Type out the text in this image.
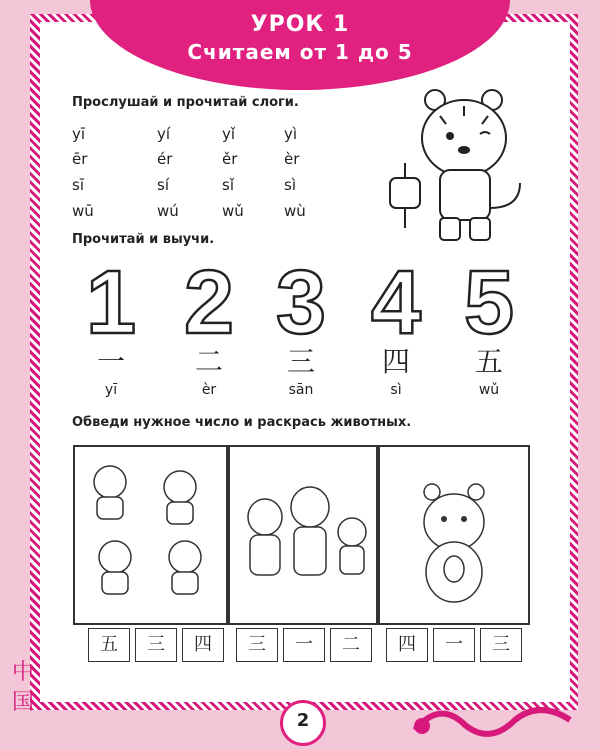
УРОК 1
Считаем от 1 до 5
Прослушай и прочитай слоги.
yī	yí	yǐ	yì
ēr	ér	ěr	èr
sī	sí	sǐ	sì
wū	wú	wǔ	wù
Прочитай и выучи.
1 2 3 4 5
一	二	三	四	五
yī	èr	sān	sì	wǔ
Обведи нужное число и раскрась животных.
五	三	四	三	一	二	四	一	三
中
国
2
